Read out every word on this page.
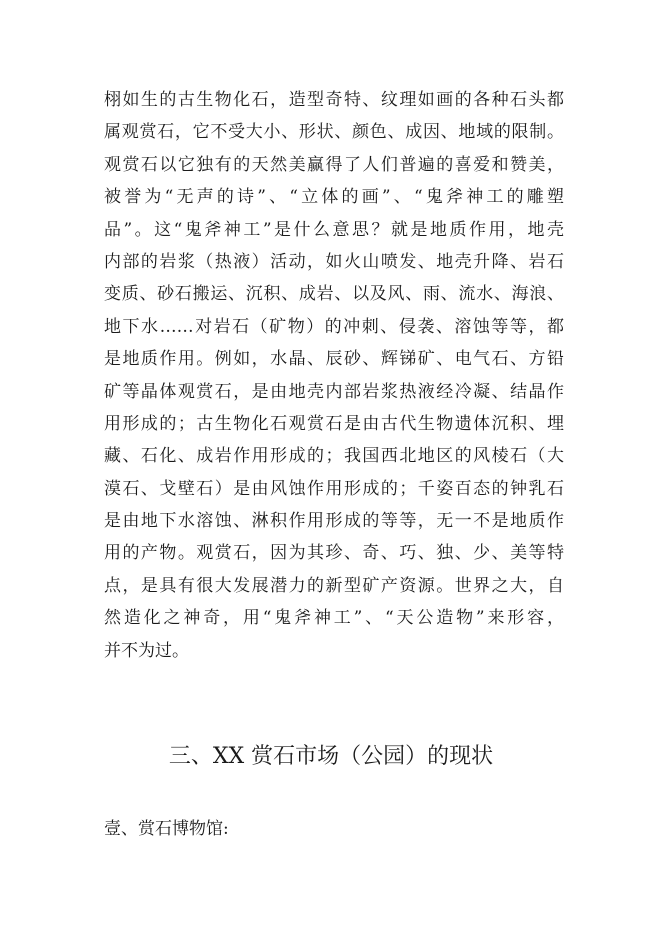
栩如生的古生物化石，造型奇特、纹理如画的各种石头都
属观赏石，它不受大小、形状、颜色、成因、地域的限制。
观赏石以它独有的天然美赢得了人们普遍的喜爱和赞美，
被誉为“无声的诗”、“立体的画”、“鬼斧神工的雕塑
品”。这“鬼斧神工”是什么意思？就是地质作用，地壳
内部的岩浆（热液）活动，如火山喷发、地壳升降、岩石
变质、砂石搬运、沉积、成岩、以及风、雨、流水、海浪、
地下水……对岩石（矿物）的冲刺、侵袭、溶蚀等等，都
是地质作用。例如，水晶、辰砂、辉锑矿、电气石、方铅
矿等晶体观赏石，是由地壳内部岩浆热液经冷凝、结晶作
用形成的；古生物化石观赏石是由古代生物遗体沉积、埋
藏、石化、成岩作用形成的；我国西北地区的风棱石（大
漠石、戈壁石）是由风蚀作用形成的；千姿百态的钟乳石
是由地下水溶蚀、淋积作用形成的等等，无一不是地质作
用的产物。观赏石，因为其珍、奇、巧、独、少、美等特
点，是具有很大发展潜力的新型矿产资源。世界之大，自
然造化之神奇，用“鬼斧神工”、“天公造物”来形容，
并不为过。
三、XX 赏石市场（公园）的现状

壹、赏石博物馆:
